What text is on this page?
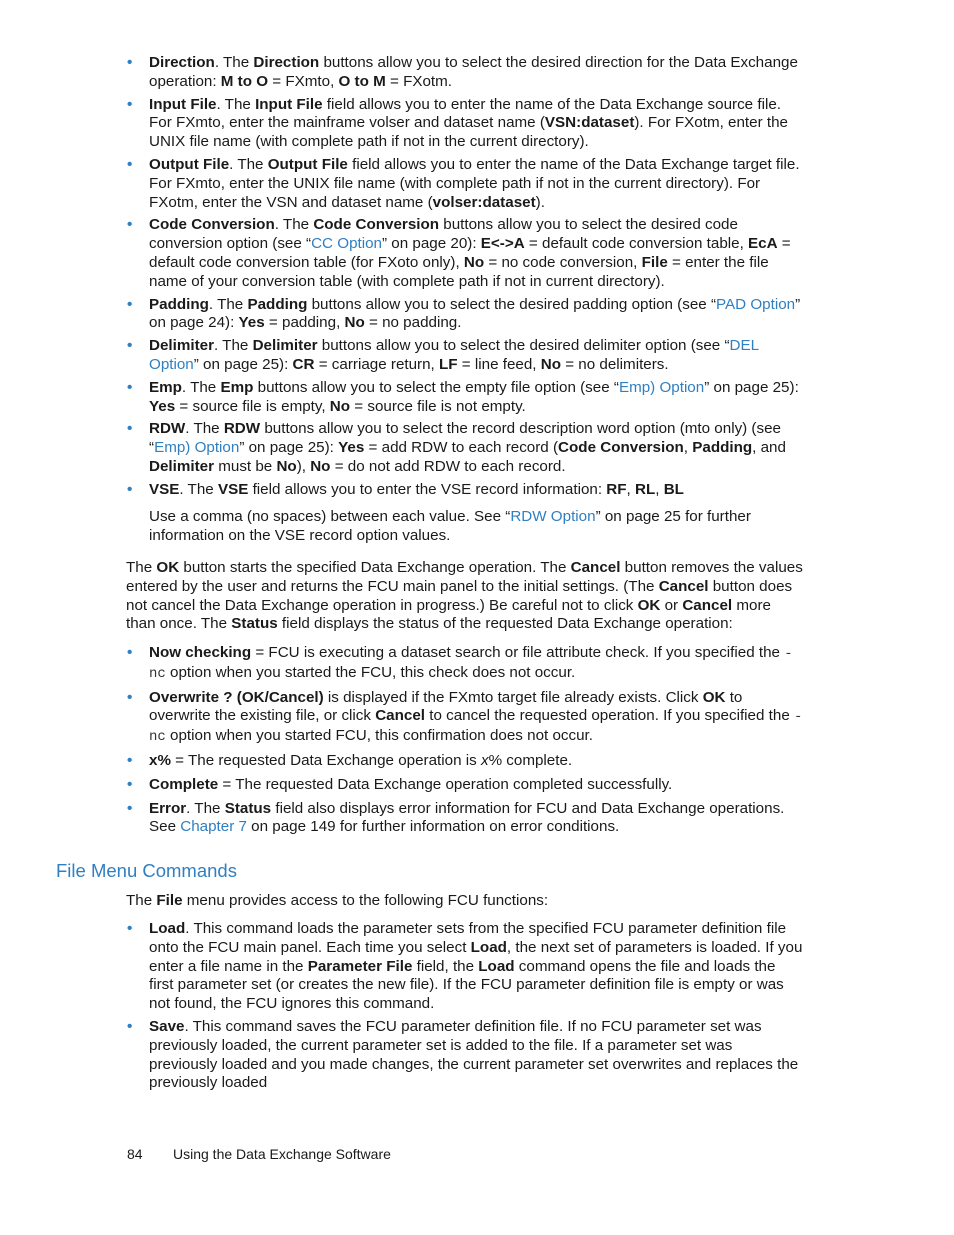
• Direction. The Direction buttons allow you to select the desired direction for the Data Exchange operation: M to O = FXmto, O to M = FXotm.
• Input File. The Input File field allows you to enter the name of the Data Exchange source file. For FXmto, enter the mainframe volser and dataset name (VSN:dataset). For FXotm, enter the UNIX file name (with complete path if not in the current directory).
• Output File. The Output File field allows you to enter the name of the Data Exchange target file. For FXmto, enter the UNIX file name (with complete path if not in the current directory). For FXotm, enter the VSN and dataset name (volser:dataset).
• Code Conversion. The Code Conversion buttons allow you to select the desired code conversion option (see “CC Option” on page 20): E<->A = default code conversion table, EcA = default code conversion table (for FXoto only), No = no code conversion, File = enter the file name of your conversion table (with complete path if not in current directory).
• Padding. The Padding buttons allow you to select the desired padding option (see “PAD Option” on page 24): Yes = padding, No = no padding.
• Delimiter. The Delimiter buttons allow you to select the desired delimiter option (see “DEL Option” on page 25): CR = carriage return, LF = line feed, No = no delimiters.
• Emp. The Emp buttons allow you to select the empty file option (see “Emp) Option” on page 25): Yes = source file is empty, No = source file is not empty.
• RDW. The RDW buttons allow you to select the record description word option (mto only) (see “Emp) Option” on page 25): Yes = add RDW to each record (Code Conversion, Padding, and Delimiter must be No), No = do not add RDW to each record.
• VSE. The VSE field allows you to enter the VSE record information: RF, RL, BL

Use a comma (no spaces) between each value. See “RDW Option” on page 25 for further information on the VSE record option values.

The OK button starts the specified Data Exchange operation. The Cancel button removes the values entered by the user and returns the FCU main panel to the initial settings. (The Cancel button does not cancel the Data Exchange operation in progress.) Be careful not to click OK or Cancel more than once. The Status field displays the status of the requested Data Exchange operation:

• Now checking = FCU is executing a dataset search or file attribute check. If you specified the -nc option when you started the FCU, this check does not occur.
• Overwrite ? (OK/Cancel) is displayed if the FXmto target file already exists. Click OK to overwrite the existing file, or click Cancel to cancel the requested operation. If you specified the -nc option when you started FCU, this confirmation does not occur.
• x% = The requested Data Exchange operation is x% complete.
• Complete = The requested Data Exchange operation completed successfully.
• Error. The Status field also displays error information for FCU and Data Exchange operations. See Chapter 7 on page 149 for further information on error conditions.
File Menu Commands

The File menu provides access to the following FCU functions:

• Load. This command loads the parameter sets from the specified FCU parameter definition file onto the FCU main panel. Each time you select Load, the next set of parameters is loaded. If you enter a file name in the Parameter File field, the Load command opens the file and loads the first parameter set (or creates the new file). If the FCU parameter definition file is empty or was not found, the FCU ignores this command.
• Save. This command saves the FCU parameter definition file. If no FCU parameter set was previously loaded, the current parameter set is added to the file. If a parameter set was previously loaded and you made changes, the current parameter set overwrites and replaces the previously loaded
84 Using the Data Exchange Software
